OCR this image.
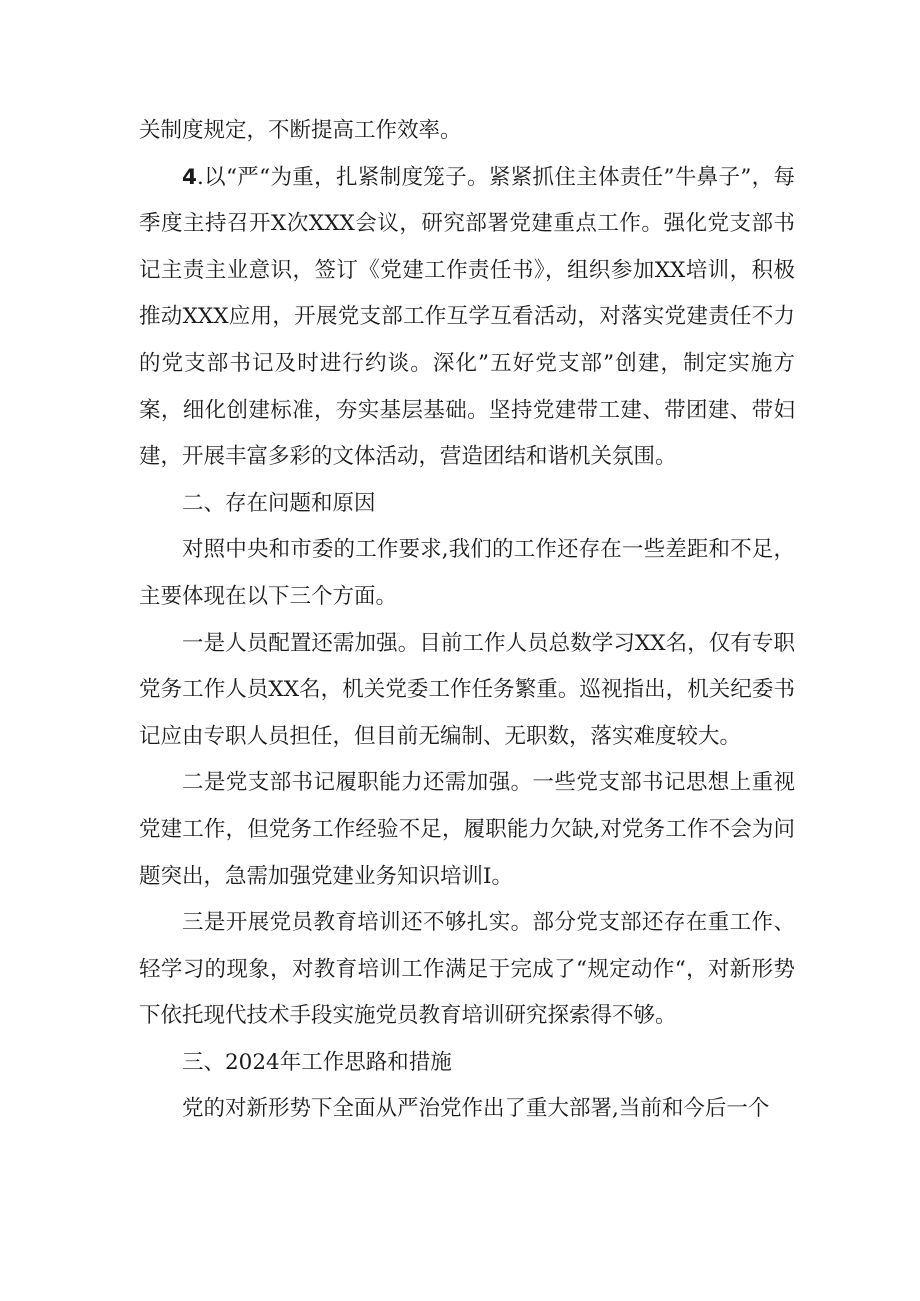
关制度规定，不断提高工作效率。

4.以“严“为重，扎紧制度笼子。紧紧抓住主体责任”牛鼻子”，每季度主持召开X次XXX会议，研究部署党建重点工作。强化党支部书记主责主业意识，签订《党建工作责任书》，组织参加XX培训，积极推动XXX应用，开展党支部工作互学互看活动，对落实党建责任不力的党支部书记及时进行约谈。深化”五好党支部”创建，制定实施方案，细化创建标准，夯实基层基础。坚持党建带工建、带团建、带妇建，开展丰富多彩的文体活动，营造团结和谐机关氛围。

二、存在问题和原因

对照中央和市委的工作要求,我们的工作还存在一些差距和不足，主要体现在以下三个方面。

一是人员配置还需加强。目前工作人员总数学习XX名，仅有专职党务工作人员XX名，机关党委工作任务繁重。巡视指出，机关纪委书记应由专职人员担任，但目前无编制、无职数，落实难度较大。

二是党支部书记履职能力还需加强。一些党支部书记思想上重视党建工作，但党务工作经验不足，履职能力欠缺,对党务工作不会为问题突出，急需加强党建业务知识培训I。

三是开展党员教育培训还不够扎实。部分党支部还存在重工作、轻学习的现象，对教育培训工作满足于完成了“规定动作“，对新形势下依托现代技术手段实施党员教育培训研究探索得不够。

三、2024年工作思路和措施

党的对新形势下全面从严治党作出了重大部署,当前和今后一个
